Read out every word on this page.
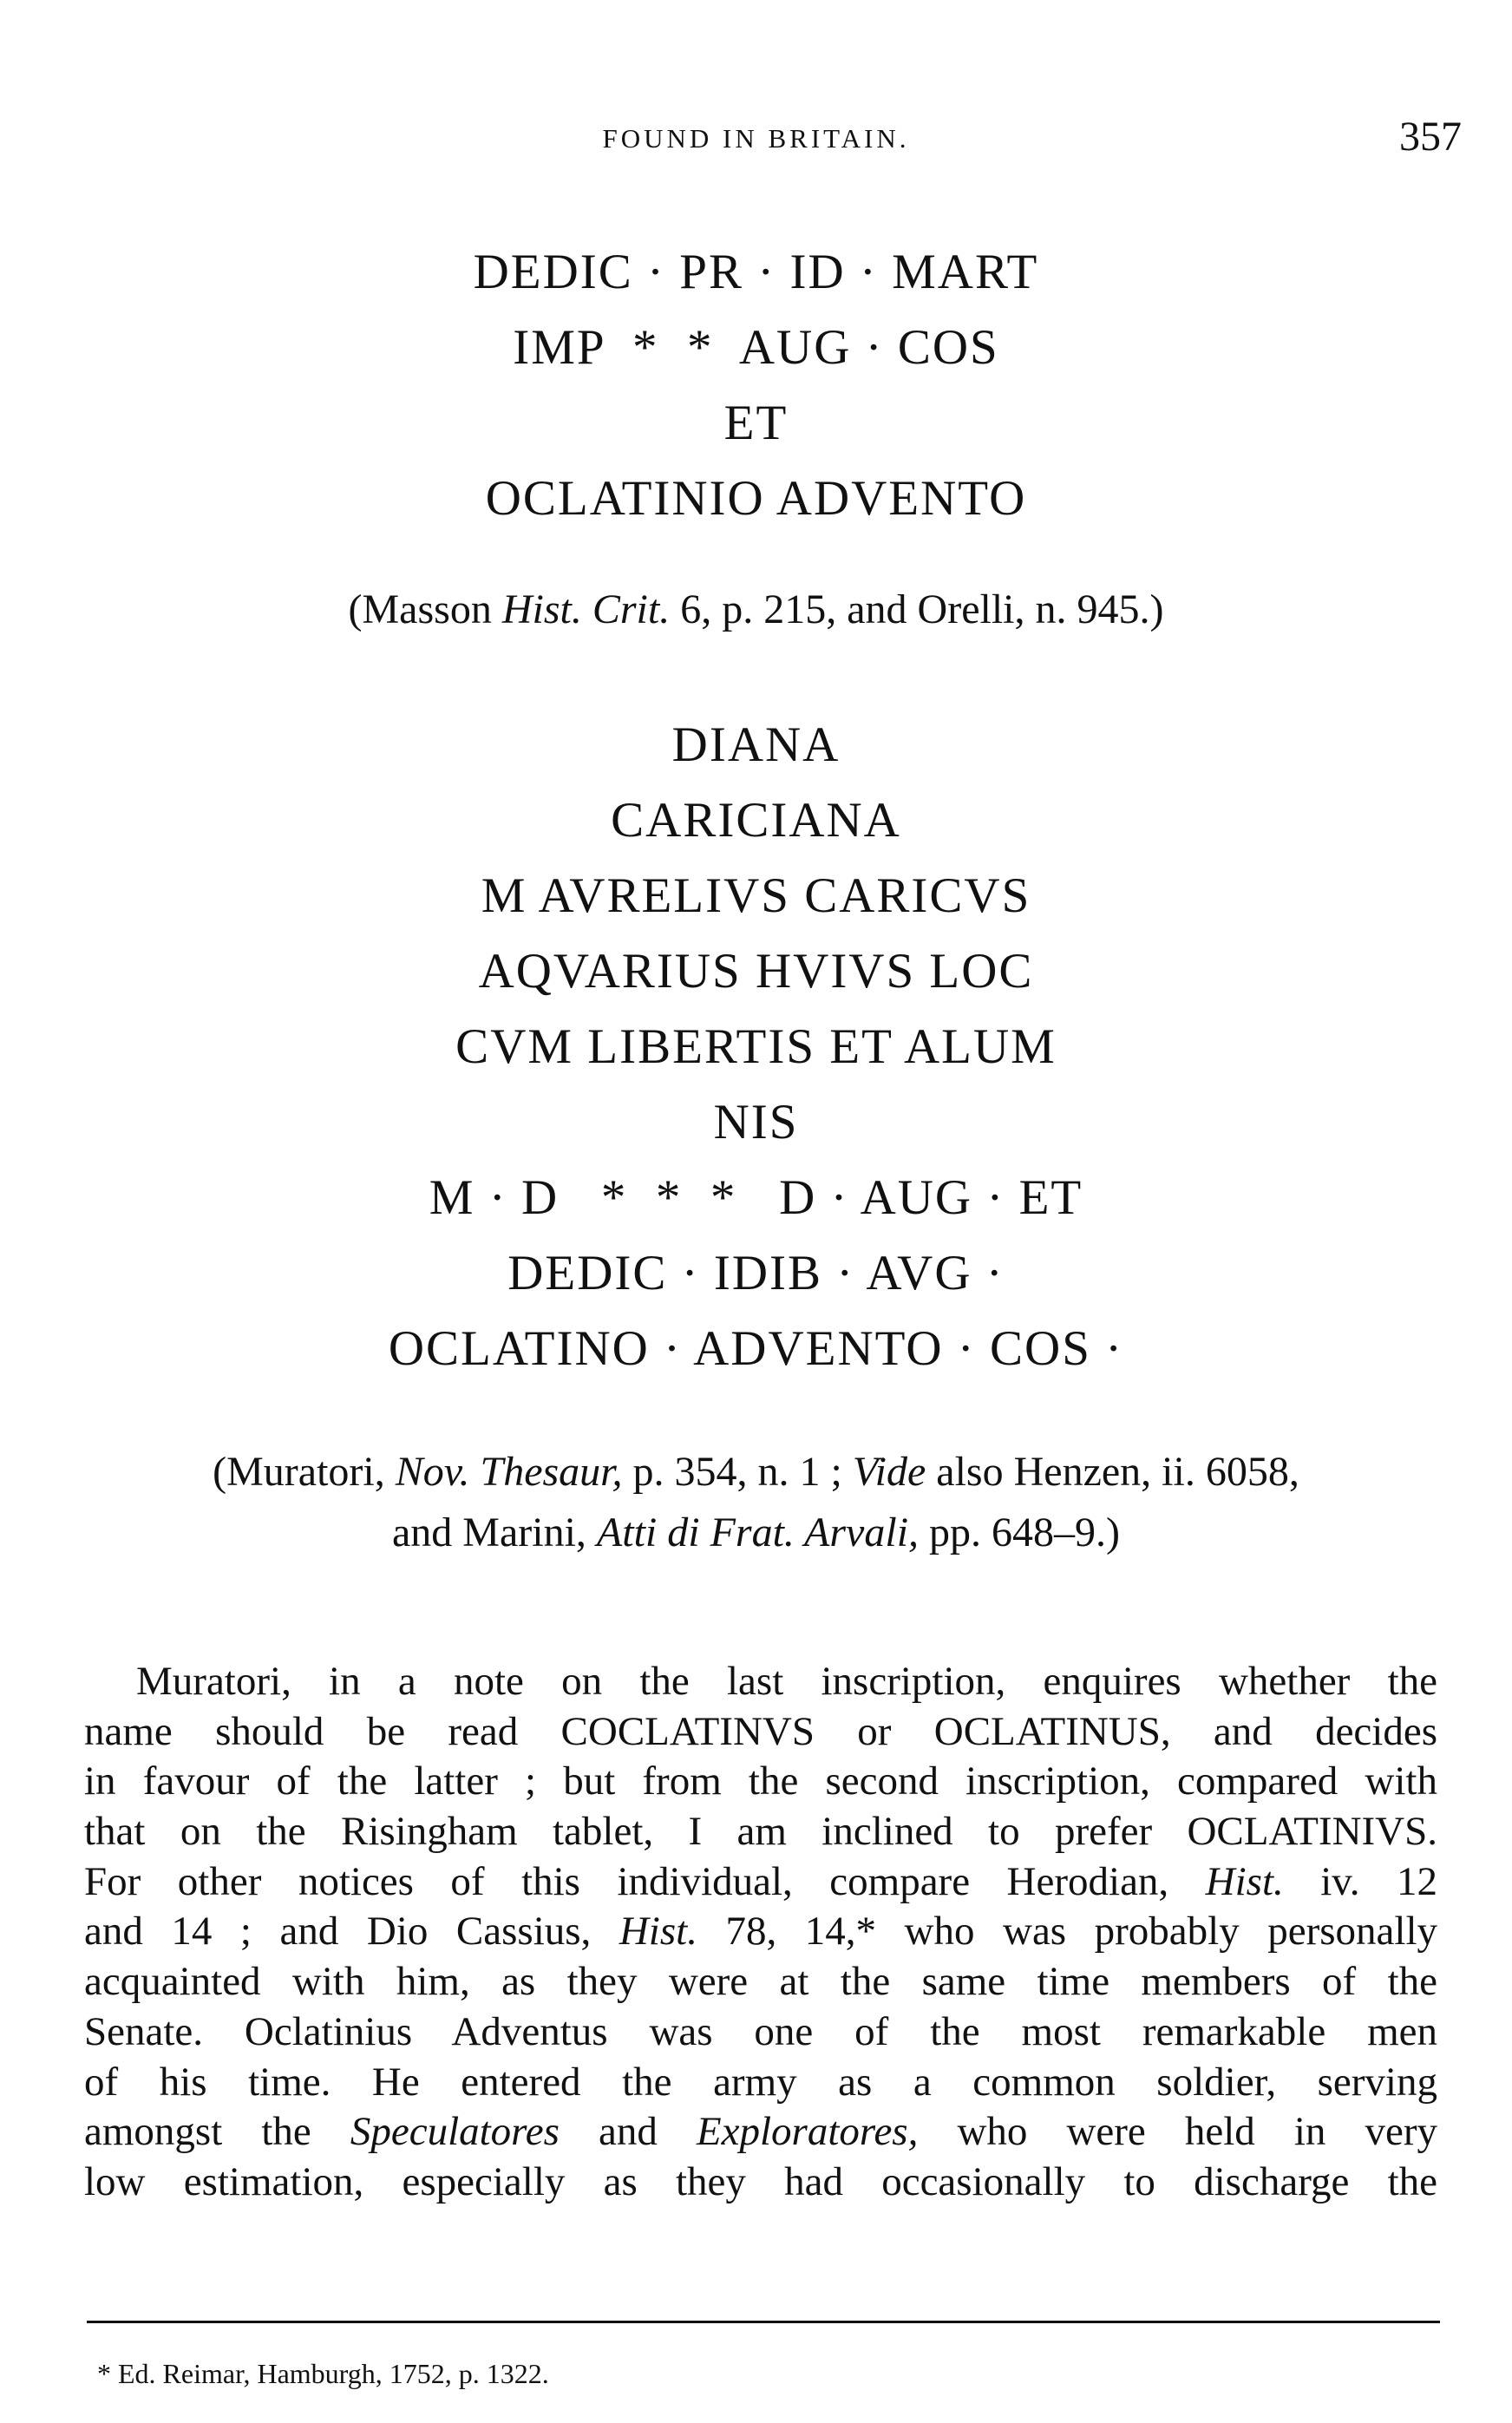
FOUND IN BRITAIN.	357
DEDIC · PR · ID · MART
IMP  *  *  AUG · COS
ET
OCLATINIO ADVENTO
(Masson Hist. Crit. 6, p. 215, and Orelli, n. 945.)
DIANA
CARICIANA
M AVRELIVS CARICVS
AQVARIUS HVIVS LOC
CVM LIBERTIS ET ALUM
NIS
M · D   *  *  *   D · AUG · ET
DEDIC · IDIB · AVG ·
OCLATINO · ADVENTO · COS ·
(Muratori, Nov. Thesaur, p. 354, n. 1 ; Vide also Henzen, ii. 6058,
and Marini, Atti di Frat. Arvali, pp. 648–9.)
Muratori, in a note on the last inscription, enquires whether the
name should be read COCLATINVS or OCLATINUS, and decides
in favour of the latter ; but from the second inscription, compared with
that on the Risingham tablet, I am inclined to prefer OCLATINIVS.
For other notices of this individual, compare Herodian, Hist. iv. 12
and 14 ; and Dio Cassius, Hist. 78, 14,* who was probably personally
acquainted with him, as they were at the same time members of the
Senate. Oclatinius Adventus was one of the most remarkable men
of his time. He entered the army as a common soldier, serving
amongst the Speculatores and Exploratores, who were held in very
low estimation, especially as they had occasionally to discharge the
* Ed. Reimar, Hamburgh, 1752, p. 1322.
